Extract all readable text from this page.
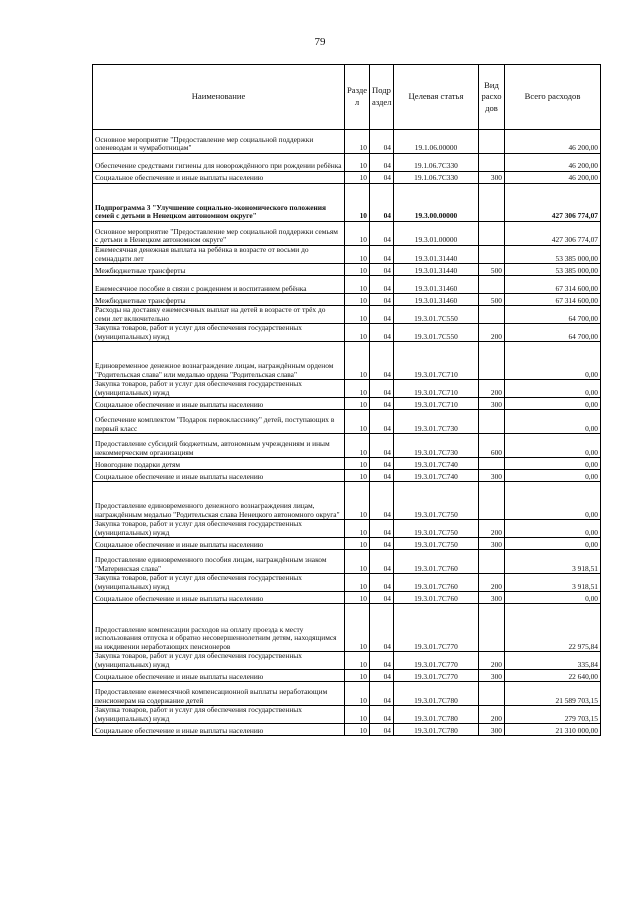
79
Наименование	Разде л	Подр аздел	Целевая статья	Вид расхо дов	Всего расходов
Основное мероприятие "Предоставление мер социальной поддержки оленеводам и чумработницам"	10	04	19.1.06.00000		46 200,00
Обеспечение средствами гигиены для новорождённого при рождении ребёнка	10	04	19.1.06.7С330		46 200,00
Социальное обеспечение и иные выплаты населению	10	04	19.1.06.7С330	300	46 200,00
Подпрограмма 3 "Улучшение социально-экономического положения семей с детьми в Ненецком автономном округе"	10	04	19.3.00.00000		427 306 774,07
Основное мероприятие "Предоставление мер социальной поддержки семьям с детьми в Ненецком автономном округе"	10	04	19.3.01.00000		427 306 774,07
Ежемесячная денежная выплата на ребёнка в возрасте от восьми до семнадцати лет	10	04	19.3.01.31440		53 385 000,00
Межбюджетные трансферты	10	04	19.3.01.31440	500	53 385 000,00
Ежемесячное пособие в связи с рождением и воспитанием ребёнка	10	04	19.3.01.31460		67 314 600,00
Межбюджетные трансферты	10	04	19.3.01.31460	500	67 314 600,00
Расходы на доставку ежемесячных выплат на детей в возрасте от трёх до семи лет включительно	10	04	19.3.01.7С550		64 700,00
Закупка товаров, работ и услуг для обеспечения государственных (муниципальных) нужд	10	04	19.3.01.7С550	200	64 700,00
Единовременное денежное вознаграждение лицам, награждённым орденом "Родительская слава" или медалью ордена "Родительская слава"	10	04	19.3.01.7С710		0,00
Закупка товаров, работ и услуг для обеспечения государственных (муниципальных) нужд	10	04	19.3.01.7С710	200	0,00
Социальное обеспечение и иные выплаты населению	10	04	19.3.01.7С710	300	0,00
Обеспечение комплектом "Подарок первокласснику" детей, поступающих в первый класс	10	04	19.3.01.7С730		0,00
Предоставление субсидий бюджетным, автономным учреждениям и иным некоммерческим организациям	10	04	19.3.01.7С730	600	0,00
Новогодние подарки детям	10	04	19.3.01.7С740		0,00
Социальное обеспечение и иные выплаты населению	10	04	19.3.01.7С740	300	0,00
Предоставление единовременного денежного вознаграждения лицам, награждённым медалью "Родительская слава Ненецкого автономного округа"	10	04	19.3.01.7С750		0,00
Закупка товаров, работ и услуг для обеспечения государственных (муниципальных) нужд	10	04	19.3.01.7С750	200	0,00
Социальное обеспечение и иные выплаты населению	10	04	19.3.01.7С750	300	0,00
Предоставление единовременного пособия лицам, награждённым знаком "Материнская слава"	10	04	19.3.01.7С760		3 918,51
Закупка товаров, работ и услуг для обеспечения государственных (муниципальных) нужд	10	04	19.3.01.7С760	200	3 918,51
Социальное обеспечение и иные выплаты населению	10	04	19.3.01.7С760	300	0,00
Предоставление компенсации расходов на оплату проезда к месту использования отпуска и обратно несовершеннолетним детям, находящимся на иждивении неработающих пенсионеров	10	04	19.3.01.7С770		22 975,84
Закупка товаров, работ и услуг для обеспечения государственных (муниципальных) нужд	10	04	19.3.01.7С770	200	335,84
Социальное обеспечение и иные выплаты населению	10	04	19.3.01.7С770	300	22 640,00
Предоставление ежемесячной компенсационной выплаты неработающим пенсионерам на содержание детей	10	04	19.3.01.7С780		21 589 703,15
Закупка товаров, работ и услуг для обеспечения государственных (муниципальных) нужд	10	04	19.3.01.7С780	200	279 703,15
Социальное обеспечение и иные выплаты населению	10	04	19.3.01.7С780	300	21 310 000,00
